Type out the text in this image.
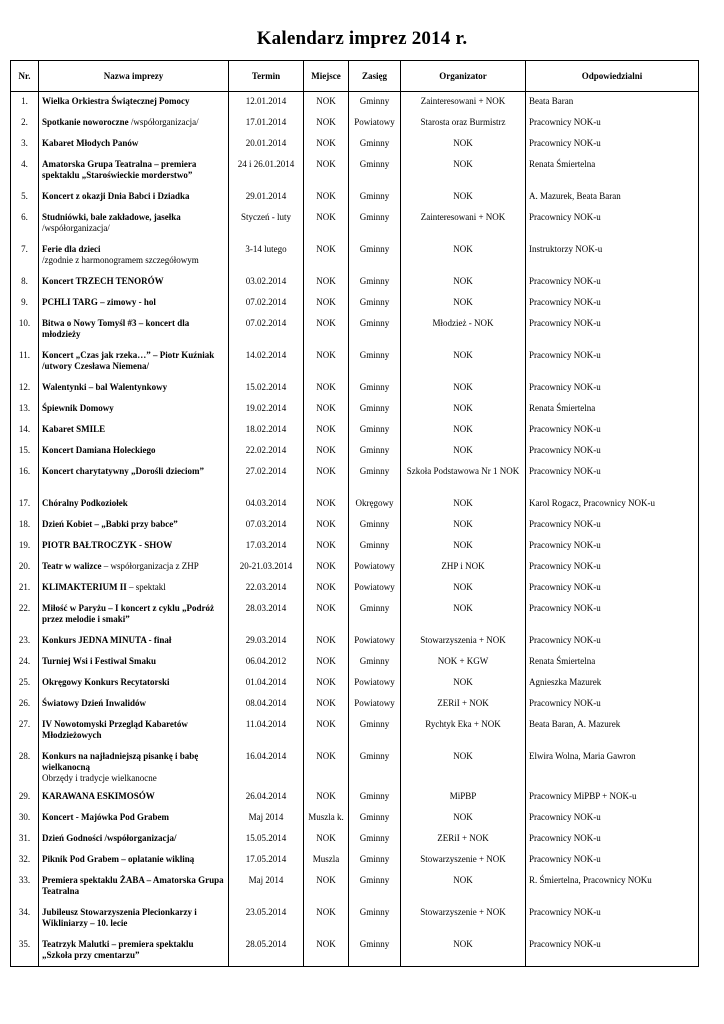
Kalendarz imprez 2014 r.
Nr.	Nazwa imprezy	Termin	Miejsce	Zasięg	Organizator	Odpowiedzialni
1.	Wielka Orkiestra Świątecznej Pomocy	12.01.2014	NOK	Gminny	Zainteresowani + NOK	Beata Baran
2.	Spotkanie noworoczne /współorganizacja/	17.01.2014	NOK	Powiatowy	Starosta oraz Burmistrz	Pracownicy NOK-u
3.	Kabaret Młodych Panów	20.01.2014	NOK	Gminny	NOK	Pracownicy NOK-u
4.	Amatorska Grupa Teatralna – premiera spektaklu „Staroświeckie morderstwo”	24 i 26.01.2014	NOK	Gminny	NOK	Renata Śmiertelna
5.	Koncert z okazji Dnia Babci i Dziadka	29.01.2014	NOK	Gminny	NOK	A. Mazurek, Beata Baran
6.	Studniówki, bale zakładowe, jasełka
/współorganizacja/	Styczeń - luty	NOK	Gminny	Zainteresowani + NOK	Pracownicy NOK-u
7.	Ferie dla dzieci
/zgodnie z harmonogramem szczegółowym	3-14 lutego	NOK	Gminny	NOK	Instruktorzy NOK-u
8.	Koncert TRZECH TENORÓW	03.02.2014	NOK	Gminny	NOK	Pracownicy NOK-u
9.	PCHLI TARG – zimowy - hol	07.02.2014	NOK	Gminny	NOK	Pracownicy NOK-u
10.	Bitwa o Nowy Tomyśl #3 – koncert dla młodzieży	07.02.2014	NOK	Gminny	Młodzież - NOK	Pracownicy NOK-u
11.	Koncert „Czas jak rzeka…” – Piotr Kuźniak /utwory Czesława Niemena/	14.02.2014	NOK	Gminny	NOK	Pracownicy NOK-u
12.	Walentynki – bal Walentynkowy	15.02.2014	NOK	Gminny	NOK	Pracownicy NOK-u
13.	Śpiewnik Domowy	19.02.2014	NOK	Gminny	NOK	Renata Śmiertelna
14.	Kabaret SMILE	18.02.2014	NOK	Gminny	NOK	Pracownicy NOK-u
15.	Koncert Damiana Holeckiego	22.02.2014	NOK	Gminny	NOK	Pracownicy NOK-u
16.	Koncert charytatywny „Dorośli dzieciom”	27.02.2014	NOK	Gminny	Szkoła Podstawowa Nr 1 NOK	Pracownicy NOK-u
17.	Chóralny Podkoziołek	04.03.2014	NOK	Okręgowy	NOK	Karol Rogacz, Pracownicy NOK-u
18.	Dzień Kobiet – „Babki przy babce”	07.03.2014	NOK	Gminny	NOK	Pracownicy NOK-u
19.	PIOTR BAŁTROCZYK - SHOW	17.03.2014	NOK	Gminny	NOK	Pracownicy NOK-u
20.	Teatr w walizce – współorganizacja z ZHP	20-21.03.2014	NOK	Powiatowy	ZHP i NOK	Pracownicy NOK-u
21.	KLIMAKTERIUM II – spektakl	22.03.2014	NOK	Powiatowy	NOK	Pracownicy NOK-u
22.	Miłość w Paryżu – I koncert z cyklu „Podróż przez melodie i smaki”	28.03.2014	NOK	Gminny	NOK	Pracownicy NOK-u
23.	Konkurs JEDNA MINUTA - finał	29.03.2014	NOK	Powiatowy	Stowarzyszenia + NOK	Pracownicy NOK-u
24.	Turniej Wsi i Festiwal Smaku	06.04.2012	NOK	Gminny	NOK + KGW	Renata Śmiertelna
25.	Okręgowy Konkurs Recytatorski	01.04.2014	NOK	Powiatowy	NOK	Agnieszka Mazurek
26.	Światowy Dzień Inwalidów	08.04.2014	NOK	Powiatowy	ZERiI + NOK	Pracownicy NOK-u
27.	IV Nowotomyski Przegląd Kabaretów Młodzieżowych	11.04.2014	NOK	Gminny	Rychtyk Eka + NOK	Beata Baran, A. Mazurek
28.	Konkurs na najładniejszą pisankę i babę wielkanocną
Obrzędy i tradycje wielkanocne	16.04.2014	NOK	Gminny	NOK	Elwira Wolna, Maria Gawron
29.	KARAWANA ESKIMOSÓW	26.04.2014	NOK	Gminny	MiPBP	Pracownicy MiPBP + NOK-u
30.	Koncert - Majówka Pod Grabem	Maj 2014	Muszla k.	Gminny	NOK	Pracownicy NOK-u
31.	Dzień Godności /współorganizacja/	15.05.2014	NOK	Gminny	ZERiI + NOK	Pracownicy NOK-u
32.	Piknik Pod Grabem – oplatanie wikliną	17.05.2014	Muszla	Gminny	Stowarzyszenie + NOK	Pracownicy NOK-u
33.	Premiera spektaklu ŻABA – Amatorska Grupa Teatralna	Maj 2014	NOK	Gminny	NOK	R. Śmiertelna, Pracownicy NOKu
34.	Jubileusz Stowarzyszenia Plecionkarzy i Wikliniarzy – 10. lecie	23.05.2014	NOK	Gminny	Stowarzyszenie + NOK	Pracownicy NOK-u
35.	Teatrzyk Malutki – premiera spektaklu „Szkoła przy cmentarzu”	28.05.2014	NOK	Gminny	NOK	Pracownicy NOK-u
